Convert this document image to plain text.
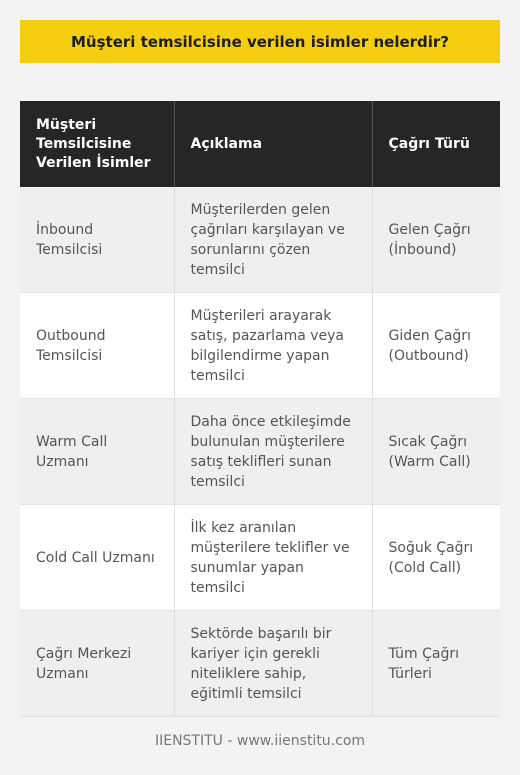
Müşteri temsilcisine verilen isimler nelerdir?
Müşteri Temsilcisine Verilen İsimler	Açıklama	Çağrı Türü
İnbound Temsilcisi	Müşterilerden gelen çağrıları karşılayan ve sorunlarını çözen temsilci	Gelen Çağrı (İnbound)
Outbound Temsilcisi	Müşterileri arayarak satış, pazarlama veya bilgilendirme yapan temsilci	Giden Çağrı (Outbound)
Warm Call Uzmanı	Daha önce etkileşimde bulunulan müşterilere satış teklifleri sunan temsilci	Sıcak Çağrı (Warm Call)
Cold Call Uzmanı	İlk kez aranılan müşterilere teklifler ve sunumlar yapan temsilci	Soğuk Çağrı (Cold Call)
Çağrı Merkezi Uzmanı	Sektörde başarılı bir kariyer için gerekli niteliklere sahip, eğitimli temsilci	Tüm Çağrı Türleri
IIENSTITU - www.iienstitu.com
